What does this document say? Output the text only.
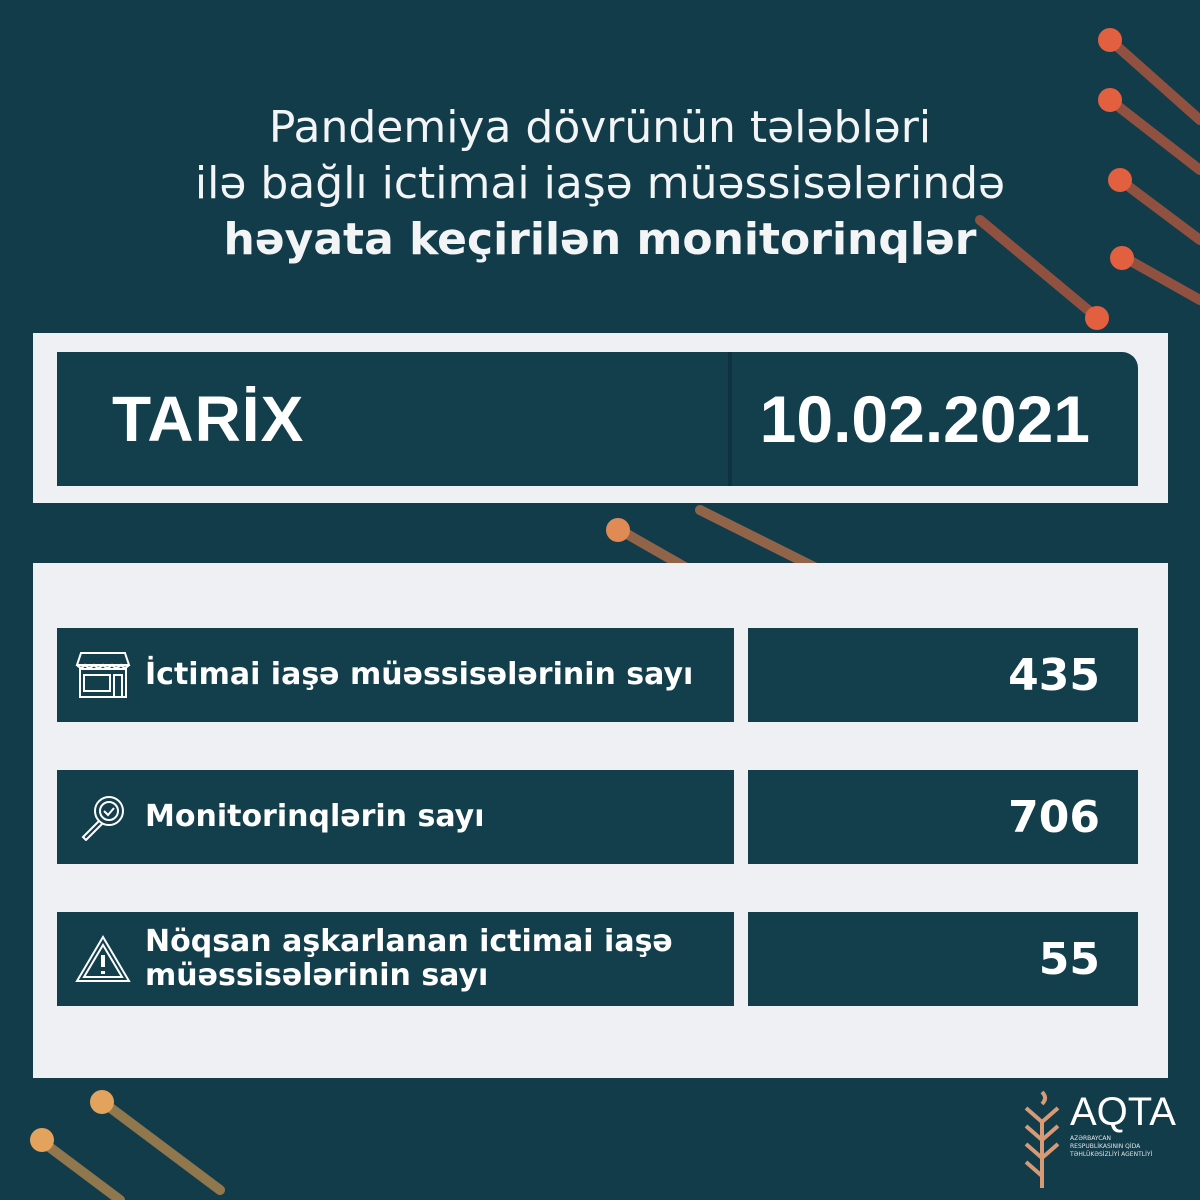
Pandemiya dövrünün tələbləri
ilə bağlı ictimai iaşə müəssisələrində
həyata keçirilən monitorinqlər
TARİX	10.02.2021
İctimai iaşə müəssisələrinin sayı	435
Monitorinqlərin sayı	706
Nöqsan aşkarlanan ictimai iaşə müəssisələrinin sayı	55
AQTA
AZƏRBAYCAN RESPUBLİKASININ QİDA TƏHLÜKƏSİZLİYİ AGENTLİYİ
